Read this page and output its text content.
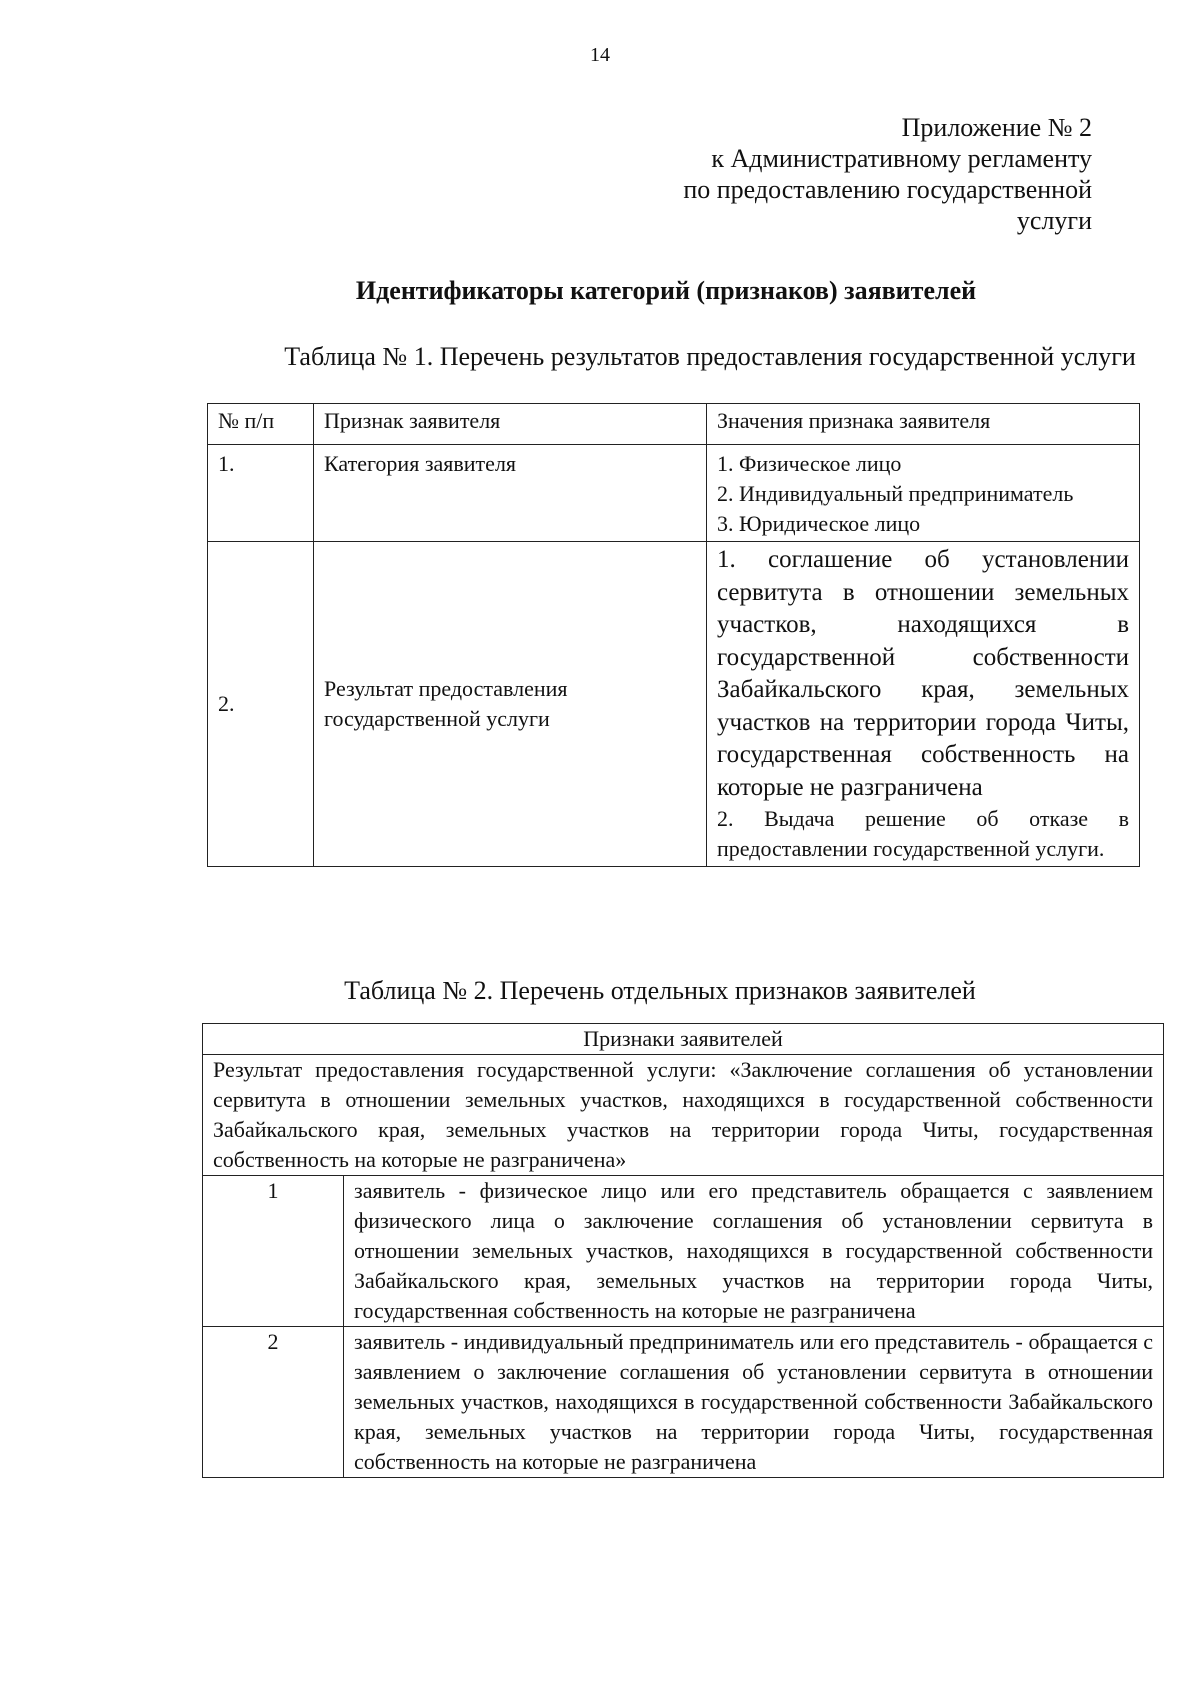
14
Приложение № 2
к Административному регламенту
по предоставлению государственной
услуги
Идентификаторы категорий (признаков) заявителей
Таблица № 1. Перечень результатов предоставления государственной услуги
№ п/п	Признак заявителя	Значения признака заявителя
1.	Категория заявителя	1. Физическое лицо
2. Индивидуальный предприниматель
3. Юридическое лицо

2.	Результат предоставления государственной услуги	1. соглашение об установлении сервитута в отношении земельных участков, находящихся в государственной собственности Забайкальского края, земельных участков на территории города Читы, государственная собственность на которые не разграничена
2. Выдача решение об отказе в предоставлении государственной услуги.
Таблица № 2. Перечень отдельных признаков заявителей
Признаки заявителей	
Результат предоставления государственной услуги: «Заключение соглашения об установлении сервитута в отношении земельных участков, находящихся в государственной собственности Забайкальского края, земельных участков на территории города Читы, государственная собственность на которые не разграничена»	
1	заявитель - физическое лицо или его представитель обращается с заявлением физического лица о заключение соглашения об установлении сервитута в отношении земельных участков, находящихся в государственной собственности Забайкальского края, земельных участков на территории города Читы, государственная собственность на которые не разграничена
2	заявитель - индивидуальный предприниматель или его представитель - обращается с заявлением о заключение соглашения об установлении сервитута в отношении земельных участков, находящихся в государственной собственности Забайкальского края, земельных участков на территории города Читы, государственная собственность на которые не разграничена
